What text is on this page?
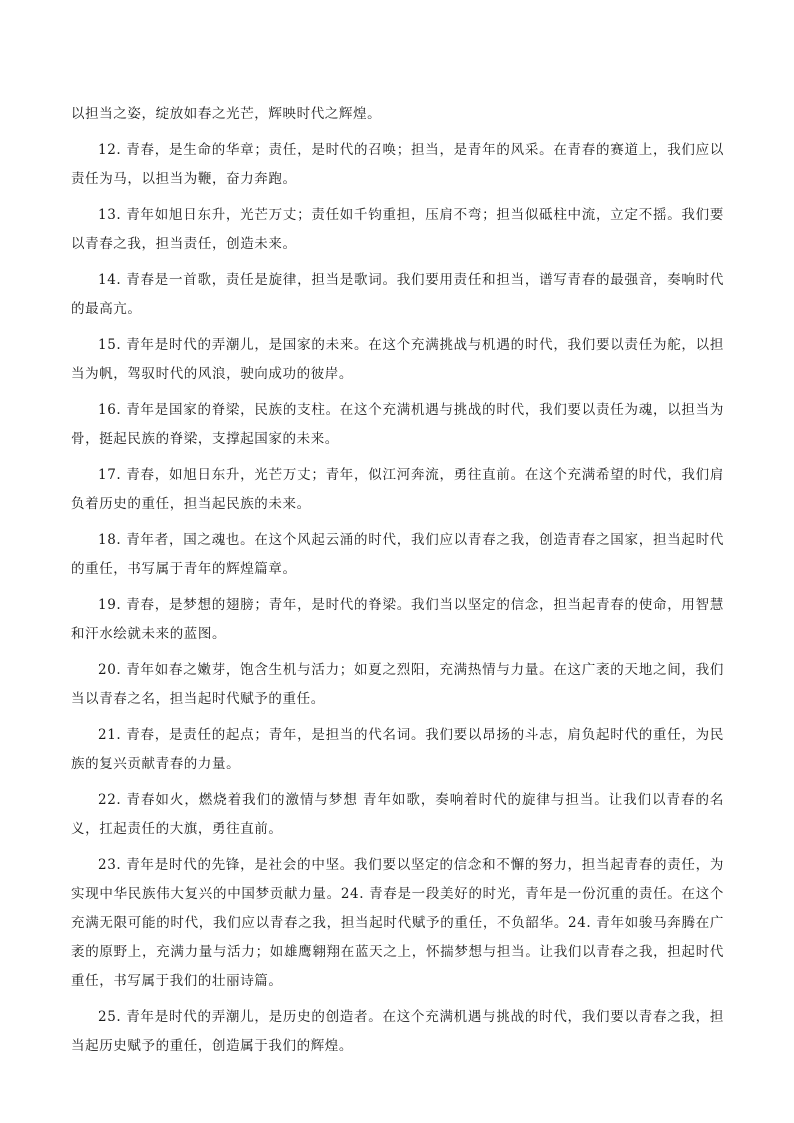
以担当之姿，绽放如春之光芒，辉映时代之辉煌。

12. 青春，是生命的华章；责任，是时代的召唤；担当，是青年的风采。在青春的赛道上，我们应以责任为马，以担当为鞭，奋力奔跑。

13. 青年如旭日东升，光芒万丈；责任如千钧重担，压肩不弯；担当似砥柱中流，立定不摇。我们要以青春之我，担当责任，创造未来。

14. 青春是一首歌，责任是旋律，担当是歌词。我们要用责任和担当，谱写青春的最强音，奏响时代的最高亢。

15. 青年是时代的弄潮儿，是国家的未来。在这个充满挑战与机遇的时代，我们要以责任为舵，以担当为帆，驾驭时代的风浪，驶向成功的彼岸。

16. 青年是国家的脊梁，民族的支柱。在这个充满机遇与挑战的时代，我们要以责任为魂，以担当为骨，挺起民族的脊梁，支撑起国家的未来。

17. 青春，如旭日东升，光芒万丈；青年，似江河奔流，勇往直前。在这个充满希望的时代，我们肩负着历史的重任，担当起民族的未来。

18. 青年者，国之魂也。在这个风起云涌的时代，我们应以青春之我，创造青春之国家，担当起时代的重任，书写属于青年的辉煌篇章。

19. 青春，是梦想的翅膀；青年，是时代的脊梁。我们当以坚定的信念，担当起青春的使命，用智慧和汗水绘就未来的蓝图。

20. 青年如春之嫩芽，饱含生机与活力；如夏之烈阳，充满热情与力量。在这广袤的天地之间，我们当以青春之名，担当起时代赋予的重任。

21. 青春，是责任的起点；青年，是担当的代名词。我们要以昂扬的斗志，肩负起时代的重任，为民族的复兴贡献青春的力量。

22. 青春如火，燃烧着我们的激情与梦想 青年如歌，奏响着时代的旋律与担当。让我们以青春的名义，扛起责任的大旗，勇往直前。

23. 青年是时代的先锋，是社会的中坚。我们要以坚定的信念和不懈的努力，担当起青春的责任，为实现中华民族伟大复兴的中国梦贡献力量。24. 青春是一段美好的时光，青年是一份沉重的责任。在这个充满无限可能的时代，我们应以青春之我，担当起时代赋予的重任，不负韶华。24. 青年如骏马奔腾在广袤的原野上，充满力量与活力；如雄鹰翱翔在蓝天之上，怀揣梦想与担当。让我们以青春之我，担起时代重任，书写属于我们的壮丽诗篇。

25. 青年是时代的弄潮儿，是历史的创造者。在这个充满机遇与挑战的时代，我们要以青春之我，担当起历史赋予的重任，创造属于我们的辉煌。
